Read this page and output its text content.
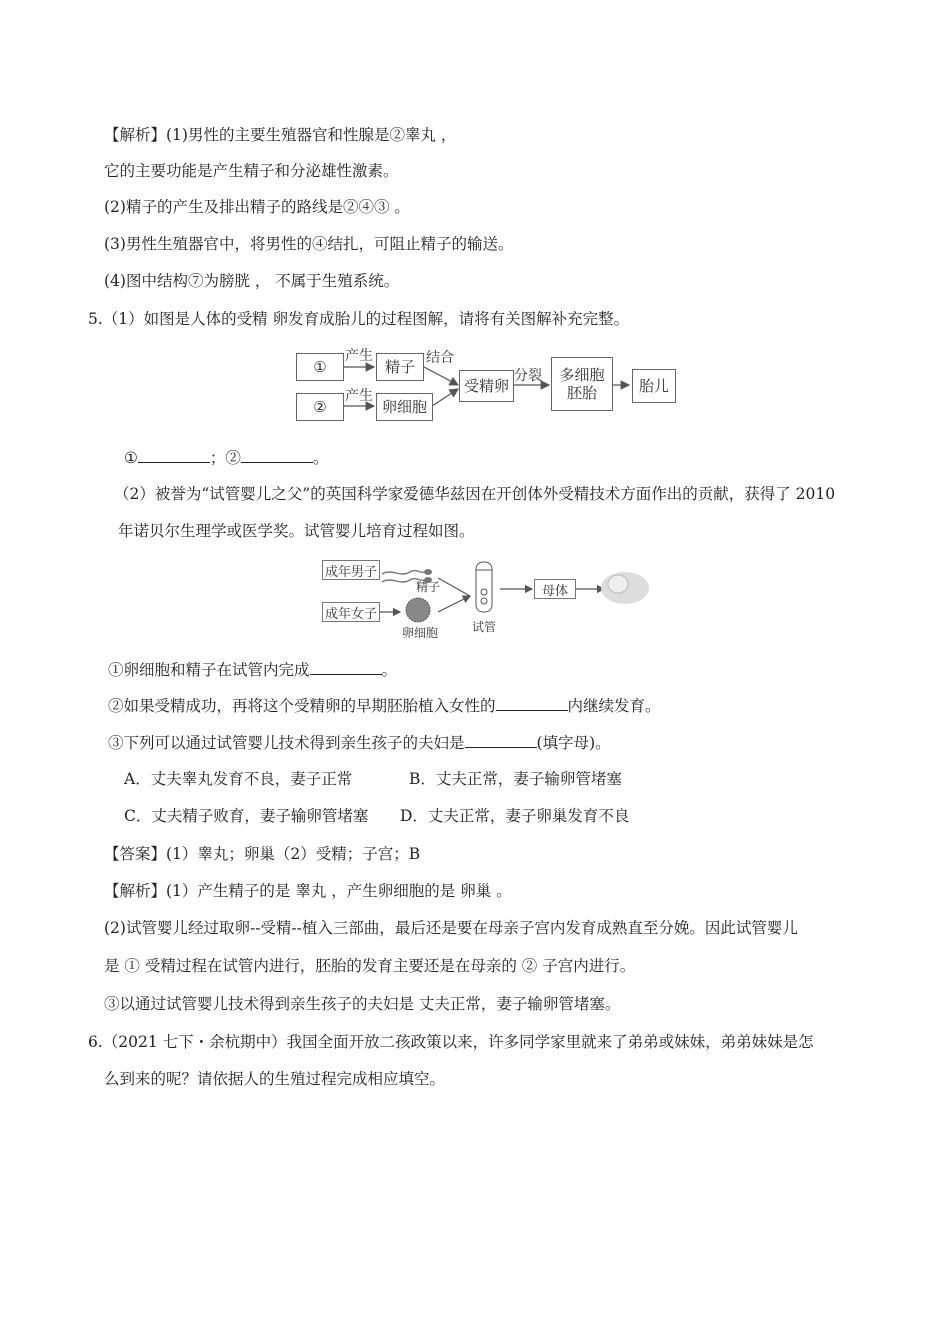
【解析】(1)男性的主要生殖器官和性腺是②睾丸 ，
它的主要功能是产生精子和分泌雄性激素。
(2)精子的产生及排出精子的路线是②④③ 。
(3)男性生殖器官中，将男性的④结扎，可阻止精子的输送。
(4)图中结构⑦为膀胱 ， 不属于生殖系统。
5.（1）如图是人体的受精 卵发育成胎儿的过程图解，请将有关图解补充完整。
①
②
精子
卵细胞
受精卵
多细胞
胚胎	胎儿
产生
产生
结合
分裂
①	；②	。
（2）被誉为“试管婴儿之父”的英国科学家爱德华兹因在开创体外受精技术方面作出的贡献，获得了 2010
年诺贝尔生理学或医学奖。试管婴儿培育过程如图。
成年男子
成年女子
精子
卵细胞	试管
母体
①卵细胞和精子在试管内完成	。
②如果受精成功，再将这个受精卵的早期胚胎植入女性的	内继续发育。
③下列可以通过试管婴儿技术得到亲生孩子的夫妇是	(填字母)。
A．丈夫睾丸发育不良，妻子正常	B．丈夫正常，妻子输卵管堵塞
C．丈夫精子败育，妻子输卵管堵塞 D．丈夫正常，妻子卵巢发育不良
【答案】(1）睾丸；卵巢（2）受精；子宫；B
【解析】(1）产生精子的是 睾丸 ，产生卵细胞的是 卵巢 。
(2)试管婴儿经过取卵--受精--植入三部曲，最后还是要在母亲子宫内发育成熟直至分娩。因此试管婴儿
是 ① 受精过程在试管内进行，胚胎的发育主要还是在母亲的 ② 子宫内进行。
③以通过试管婴儿技术得到亲生孩子的夫妇是 丈夫正常，妻子输卵管堵塞。
6.（2021 七下・余杭期中）我国全面开放二孩政策以来，许多同学家里就来了弟弟或妹妹，弟弟妹妹是怎
么到来的呢？请依据人的生殖过程完成相应填空。
